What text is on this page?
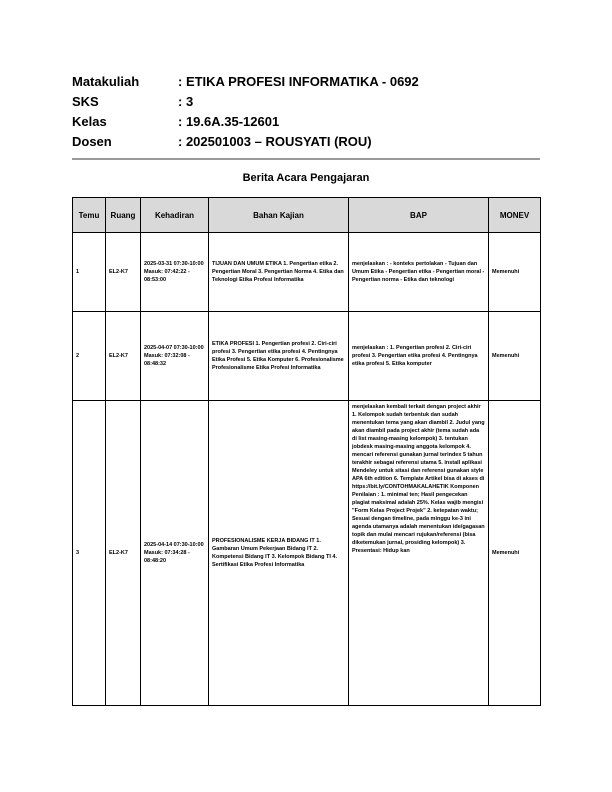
Matakuliah	: ETIKA PROFESI INFORMATIKA - 0692
SKS	: 3
Kelas	: 19.6A.35-12601
Dosen	: 202501003 – ROUSYATI (ROU)
Berita Acara Pengajaran
Temu	Ruang	Kehadiran	Bahan Kajian	BAP	MONEV
1	EL2-K7	2025-03-31 07:30-10:00 Masuk: 07:42:22 - 08:53:00	TIJUAN DAN UMUM ETIKA 1. Pengertian etika 2. Pengertian Moral 3. Pengertian Norma 4. Etika dan Teknologi Etika Profesi Informatika	menjelaskan : - konteks pertolakan - Tujuan dan Umum Etika - Pengertian etika - Pengertian moral - Pengertian norma - Etika dan teknologi	Memenuhi
2	EL2-K7	2025-04-07 07:30-10:00 Masuk: 07:32:08 - 08:48:32	ETIKA PROFESI 1. Pengertian profesi 2. Ciri-ciri profesi 3. Pengertian etika profesi 4. Pentingnya Etika Profesi 5. Etika Komputer 6. Profesionalisme Profesionalisme Etika Profesi Informatika	menjelaskan : 1. Pengertian profesi 2. Ciri-ciri profesi 3. Pengertian etika profesi 4. Pentingnya etika profesi 5. Etika komputer	Memenuhi
3	EL2-K7	2025-04-14 07:30-10:00 Masuk: 07:34:28 - 08:48:20	PROFESIONALISME KERJA BIDANG IT 1. Gambaran Umum Pekerjaan Bidang IT 2. Kompetensi Bidang IT 3. Kelompok Bidang TI 4. Sertifikasi Etika Profesi Informatika	menjelaskan kembali terkait dengan project akhir 1. Kelompok sudah terbentuk dan sudah menentukan tema yang akan diambil 2. Judul yang akan diambil pada project akhir (tema sudah ada di list masing-masing kelompok) 3. tentukan jobdesk masing-masing anggota kelompok 4. mencari referensi gunakan jurnal terindex 5 tahun terakhir sebagai referensi utama 5. install aplikasi Mendeley untuk sitasi dan referensi gunakan style APA 6th edition 6. Template Artikel bisa di akses di https://bit.ly/CONTOHMAKALAHETIK Komponen Penilaian : 1. minimal ten; Hasil pengecekan plagiat maksimal adalah 25%. Kelas wajib mengisi "Form Kelas Project Projek" 2. ketepatan waktu; Sesuai dengan timeline, pada minggu ke-3 ini agenda utamanya adalah menentukan ide/gagasan topik dan mulai mencari rujukan/referensi (bisa diketemukan jurnal, prosiding kelompok) 3. Presentasi: Hidup kan	Memenuhi
